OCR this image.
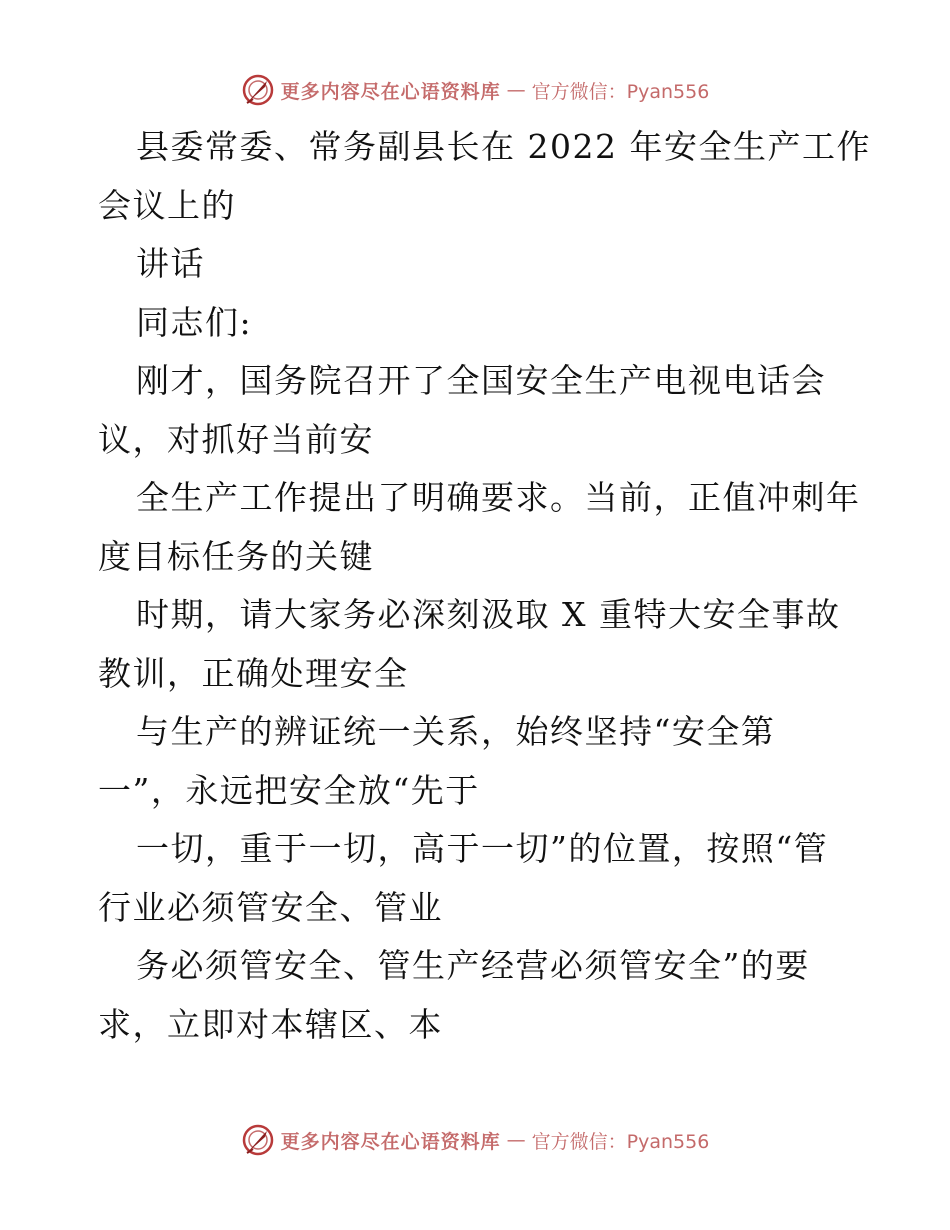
更多内容尽在心语资料库 — 官方微信：Pyan556
县委常委、常务副县长在 2022 年安全生产工作
会议上的
讲话
同志们:
刚才，国务院召开了全国安全生产电视电话会
议，对抓好当前安
全生产工作提出了明确要求。当前，正值冲刺年
度目标任务的关键
时期，请大家务必深刻汲取 X 重特大安全事故
教训，正确处理安全
与生产的辨证统一关系，始终坚持“安全第
一”，永远把安全放“先于
一切，重于一切，高于一切”的位置，按照“管
行业必须管安全、管业
务必须管安全、管生产经营必须管安全”的要
求，立即对本辖区、本
更多内容尽在心语资料库 — 官方微信：Pyan556
